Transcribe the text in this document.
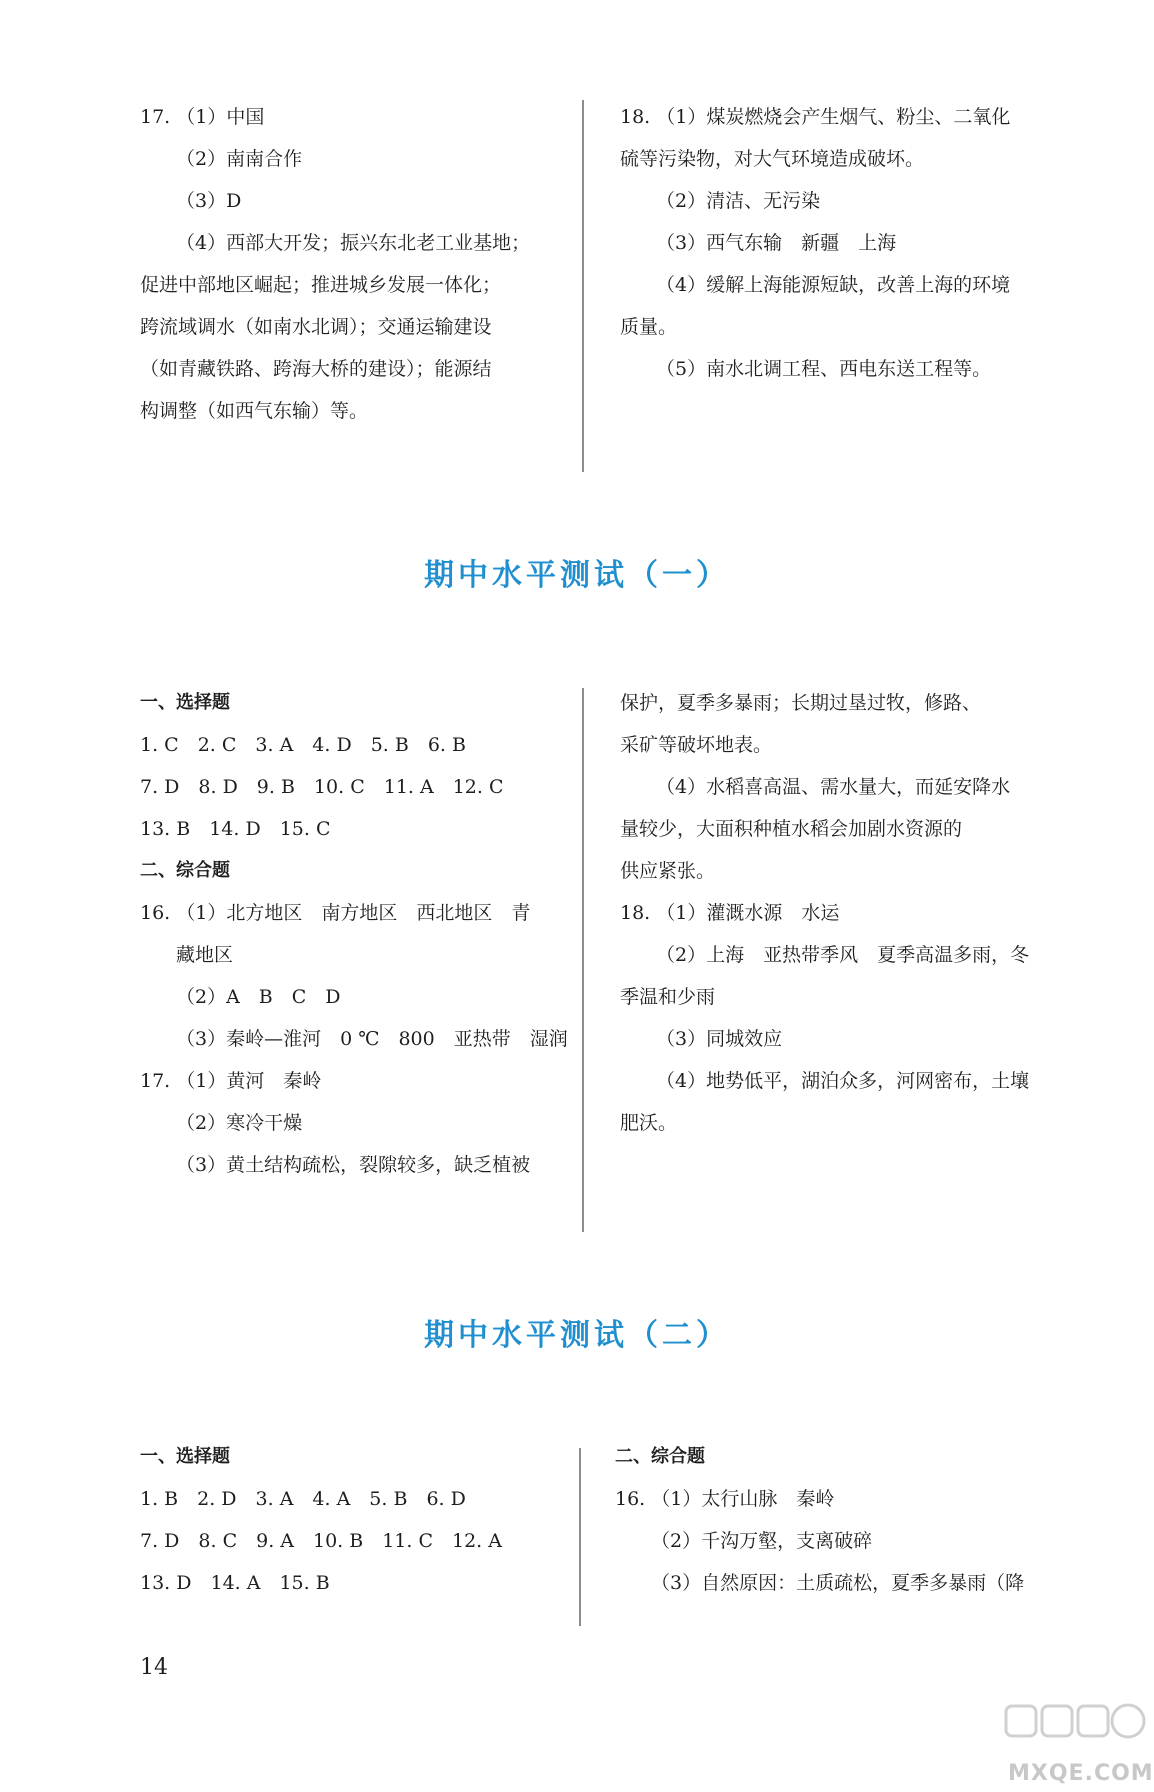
17. （1）中国
（2）南南合作
（3）D
（4）西部大开发；振兴东北老工业基地；
促进中部地区崛起；推进城乡发展一体化；
跨流域调水（如南水北调）；交通运输建设
（如青藏铁路、跨海大桥的建设）；能源结
构调整（如西气东输）等。
18. （1）煤炭燃烧会产生烟气、粉尘、二氧化
硫等污染物，对大气环境造成破坏。
（2）清洁、无污染
（3）西气东输　新疆　上海
（4）缓解上海能源短缺，改善上海的环境
质量。
（5）南水北调工程、西电东送工程等。
期中水平测试（一）
一、选择题
1. C　2. C　3. A　4. D　5. B　6. B
7. D　8. D　9. B　10. C　11. A　12. C
13. B　14. D　15. C
二、综合题
16. （1）北方地区　南方地区　西北地区　青
藏地区
（2）A　B　C　D
（3）秦岭—淮河　0 ℃　800　亚热带　湿润
17. （1）黄河　秦岭
（2）寒冷干燥
（3）黄土结构疏松，裂隙较多，缺乏植被
保护，夏季多暴雨；长期过垦过牧，修路、
采矿等破坏地表。
（4）水稻喜高温、需水量大，而延安降水
量较少，大面积种植水稻会加剧水资源的
供应紧张。
18. （1）灌溉水源　水运
（2）上海　亚热带季风　夏季高温多雨，冬
季温和少雨
（3）同城效应
（4）地势低平，湖泊众多，河网密布，土壤
肥沃。
期中水平测试（二）
一、选择题
1. B　2. D　3. A　4. A　5. B　6. D
7. D　8. C　9. A　10. B　11. C　12. A
13. D　14. A　15. B
二、综合题
16. （1）太行山脉　秦岭
（2）千沟万壑，支离破碎
（3）自然原因：土质疏松，夏季多暴雨（降
14
MXQE.COM
